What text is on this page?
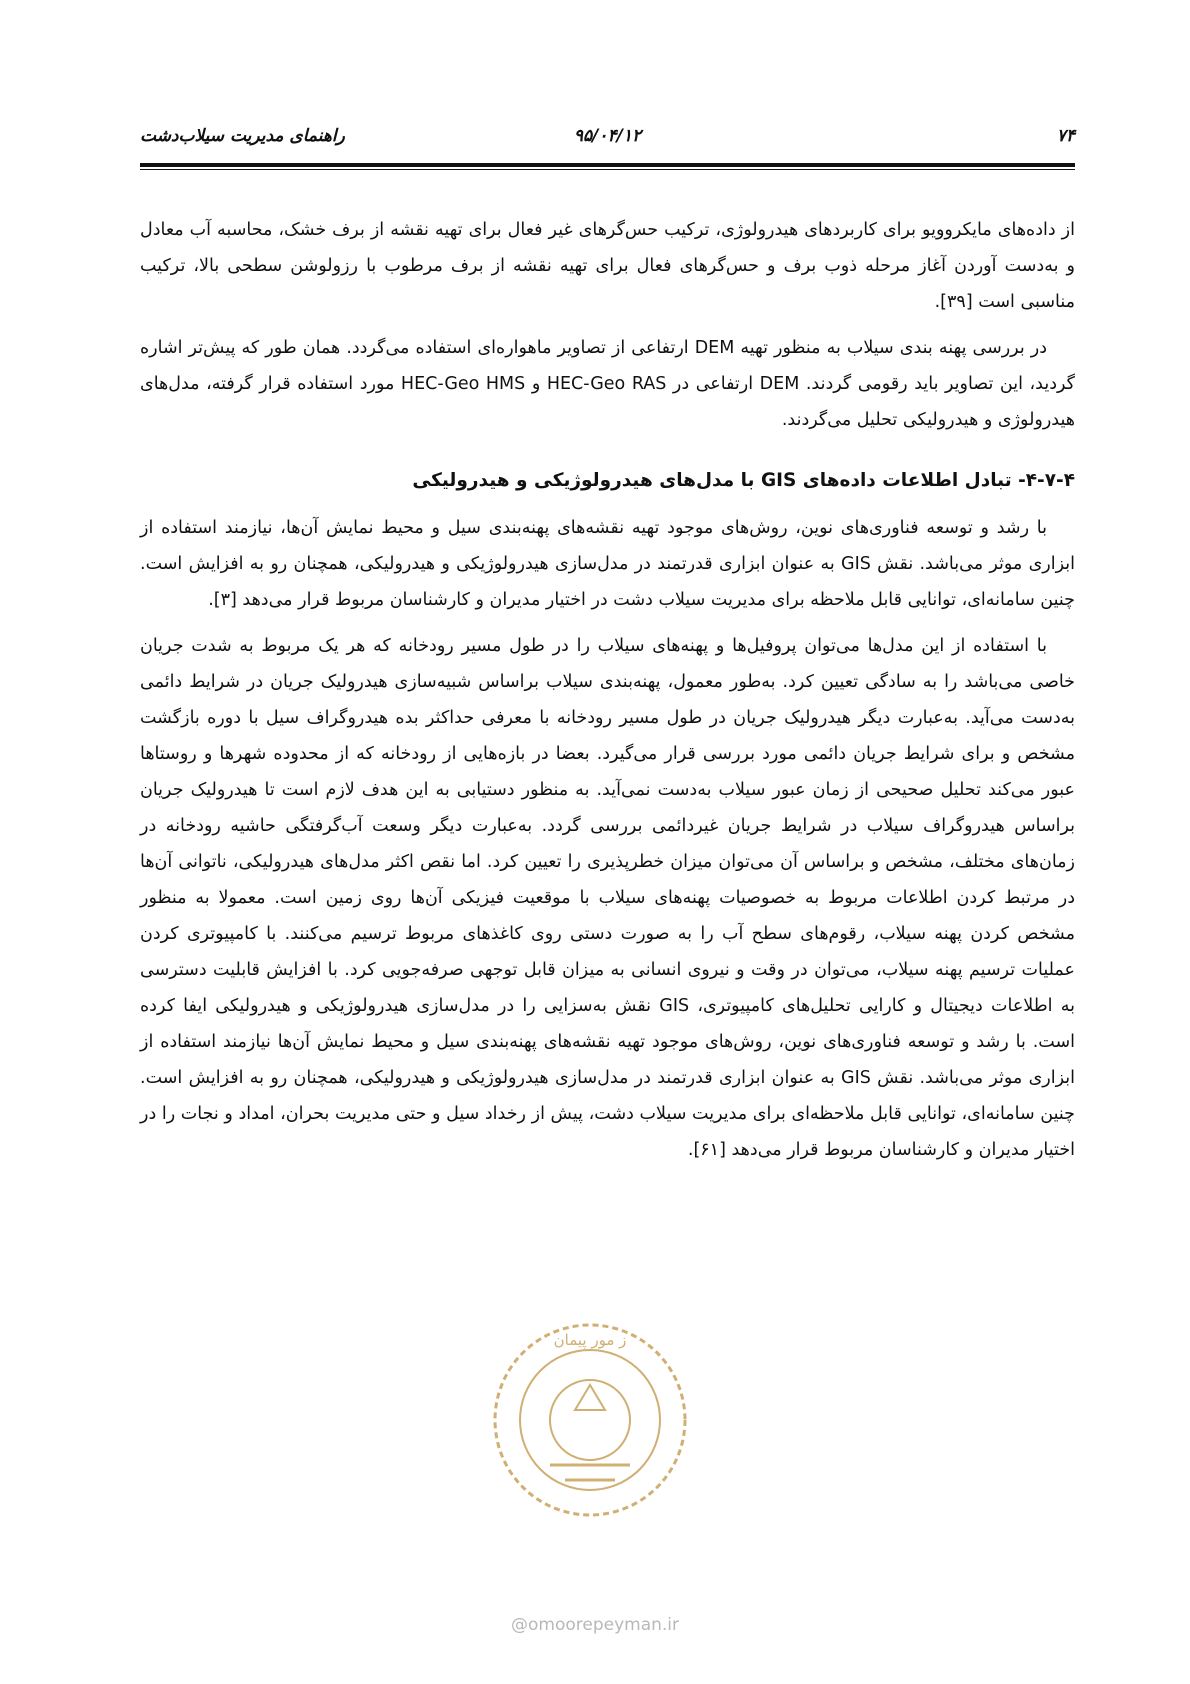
۷۴
۹۵/۰۴/۱۲
راهنمای مدیریت سیلاب‌دشت

از داده‌های مایکروویو برای کاربردهای هیدرولوژی، ترکیب حس‌گرهای غیر فعال برای تهیه نقشه از برف خشک، محاسبه آب معادل و به‌دست آوردن آغاز مرحله ذوب برف و حس‌گرهای فعال برای تهیه نقشه از برف مرطوب با رزولوشن سطحی بالا، ترکیب مناسبی است [۳۹].

در بررسی پهنه بندی سیلاب به منظور تهیه DEM ارتفاعی از تصاویر ماهواره‌ای استفاده می‌گردد. همان طور که پیش‌تر اشاره گردید، این تصاویر باید رقومی گردند. DEM ارتفاعی در HEC-Geo RAS و HEC-Geo HMS مورد استفاده قرار گرفته، مدل‌های هیدرولوژی و هیدرولیکی تحلیل می‌گردند.

۴-۷-۴- تبادل اطلاعات داده‌های GIS با مدل‌های هیدرولوژیکی و هیدرولیکی

با رشد و توسعه فناوری‌های نوین، روش‌های موجود تهیه نقشه‌های پهنه‌بندی سیل و محیط نمایش آن‌ها، نیازمند استفاده از ابزاری موثر می‌باشد. نقش GIS به عنوان ابزاری قدرتمند در مدل‌سازی هیدرولوژیکی و هیدرولیکی، همچنان رو به افزایش است. چنین سامانه‌ای، توانایی قابل ملاحظه برای مدیریت سیلاب دشت در اختیار مدیران و کارشناسان مربوط قرار می‌دهد [۳].

با استفاده از این مدل‌ها می‌توان پروفیل‌ها و پهنه‌های سیلاب را در طول مسیر رودخانه که هر یک مربوط به شدت جریان خاصی می‌باشد را به سادگی تعیین کرد. به‌طور معمول، پهنه‌بندی سیلاب براساس شبیه‌سازی هیدرولیک جریان در شرایط دائمی به‌دست می‌آید. به‌عبارت دیگر هیدرولیک جریان در طول مسیر رودخانه با معرفی حداکثر بده هیدروگراف سیل با دوره بازگشت مشخص و برای شرایط جریان دائمی مورد بررسی قرار می‌گیرد. بعضا در بازه‌هایی از رودخانه که از محدوده شهرها و روستاها عبور می‌کند تحلیل صحیحی از زمان عبور سیلاب به‌دست نمی‌آید. به منظور دستیابی به این هدف لازم است تا هیدرولیک جریان براساس هیدروگراف سیلاب در شرایط جریان غیردائمی بررسی گردد. به‌عبارت دیگر وسعت آب‌گرفتگی حاشیه رودخانه در زمان‌های مختلف، مشخص و براساس آن می‌توان میزان خطرپذیری را تعیین کرد. اما نقص اکثر مدل‌های هیدرولیکی، ناتوانی آن‌ها در مرتبط کردن اطلاعات مربوط به خصوصیات پهنه‌های سیلاب با موقعیت فیزیکی آن‌ها روی زمین است. معمولا به منظور مشخص کردن پهنه سیلاب، رقوم‌های سطح آب را به صورت دستی روی کاغذهای مربوط ترسیم می‌کنند. با کامپیوتری کردن عملیات ترسیم پهنه سیلاب، می‌توان در وقت و نیروی انسانی به میزان قابل توجهی صرفه‌جویی کرد. با افزایش قابلیت دسترسی به اطلاعات دیجیتال و کارایی تحلیل‌های کامپیوتری، GIS نقش به‌سزایی را در مدل‌سازی هیدرولوژیکی و هیدرولیکی ایفا کرده است. با رشد و توسعه فناوری‌های نوین، روش‌های موجود تهیه نقشه‌های پهنه‌بندی سیل و محیط نمایش آن‌ها نیازمند استفاده از ابزاری موثر می‌باشد. نقش GIS به عنوان ابزاری قدرتمند در مدل‌سازی هیدرولوژیکی و هیدرولیکی، همچنان رو به افزایش است. چنین سامانه‌ای، توانایی قابل ملاحظه‌ای برای مدیریت سیلاب دشت، پیش از رخداد سیل و حتی مدیریت بحران، امداد و نجات را در اختیار مدیران و کارشناسان مربوط قرار می‌دهد [۶۱].

ز مور پیمان
@omoorepeyman.ir
